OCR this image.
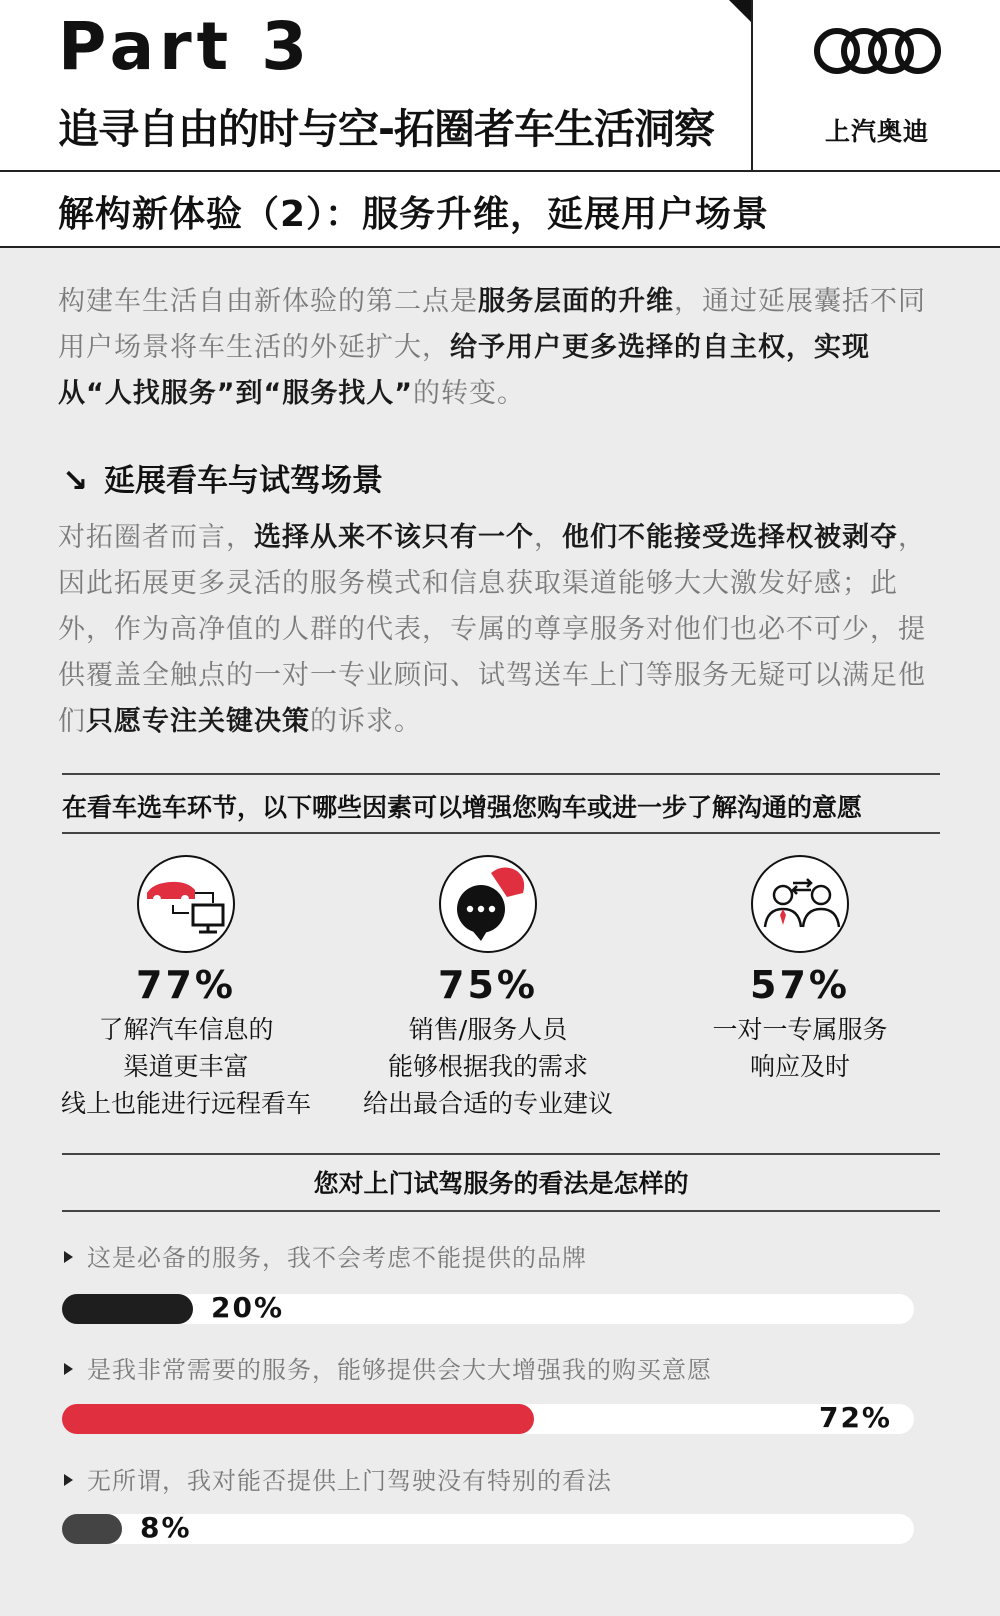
Part 3
追寻自由的时与空-拓圈者车生活洞察	上汽奥迪
解构新体验（2）：服务升维，延展用户场景

构建车生活自由新体验的第二点是服务层面的升维，通过延展囊括不同用户场景将车生活的外延扩大，给予用户更多选择的自主权，实现从“人找服务”到“服务找人”的转变。

↘ 延展看车与试驾场景

对拓圈者而言，选择从来不该只有一个，他们不能接受选择权被剥夺，因此拓展更多灵活的服务模式和信息获取渠道能够大大激发好感；此外，作为高净值的人群的代表，专属的尊享服务对他们也必不可少，提供覆盖全触点的一对一专业顾问、试驾送车上门等服务无疑可以满足他们只愿专注关键决策的诉求。

在看车选车环节，以下哪些因素可以增强您购车或进一步了解沟通的意愿
77%
了解汽车信息的
渠道更丰富
线上也能进行远程看车
75%
销售/服务人员
能够根据我的需求
给出最合适的专业建议
57%
一对一专属服务
响应及时
您对上门试驾服务的看法是怎样的
这是必备的服务，我不会考虑不能提供的品牌
20%
是我非常需要的服务，能够提供会大大增强我的购买意愿
72%
无所谓，我对能否提供上门驾驶没有特别的看法
8%
